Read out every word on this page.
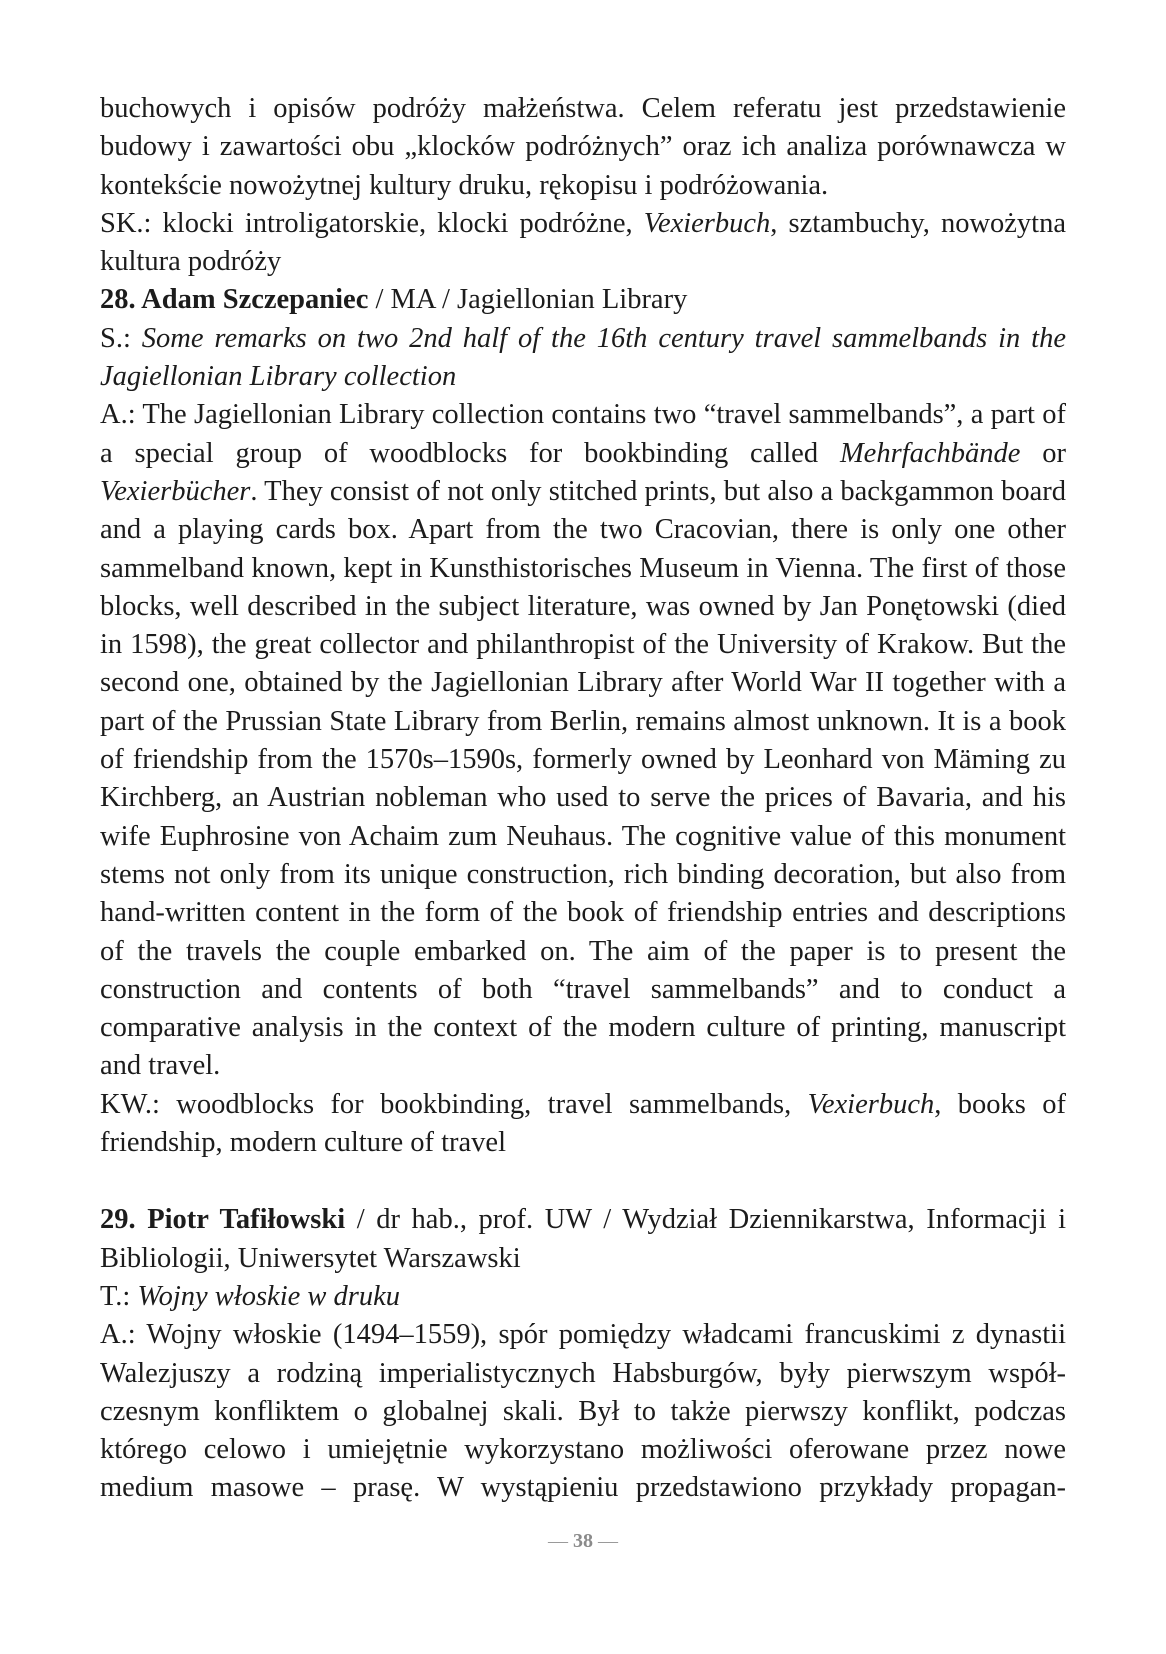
buchowych i opisów podróży małżeństwa. Celem referatu jest przedstawienie budowy i zawartości obu „klocków podróżnych” oraz ich analiza porównawcza w kontekście nowożytnej kultury druku, rękopisu i podróżowania.

SK.: klocki introligatorskie, klocki podróżne, Vexierbuch, sztambuchy, nowożytna kultura podróży

28. Adam Szczepaniec / MA / Jagiellonian Library

S.: Some remarks on two 2nd half of the 16th century travel sammelbands in the Jagiellonian Library collection

A.: The Jagiellonian Library collection contains two “travel sammelbands”, a part of a special group of woodblocks for bookbinding called Mehrfachbände or Vexierbücher. They consist of not only stitched prints, but also a backgammon board and a playing cards box. Apart from the two Cracovian, there is only one other sammelband known, kept in Kunsthistorisches Museum in Vienna. The first of those blocks, well described in the subject literature, was owned by Jan Ponętowski (died in 1598), the great collector and philanthropist of the University of Krakow. But the second one, obtained by the Jagiellonian Library after World War II together with a part of the Prussian State Library from Berlin, remains almost unknown. It is a book of friendship from the 1570s–1590s, formerly owned by Leonhard von Mäming zu Kirchberg, an Austrian nobleman who used to serve the prices of Bavaria, and his wife Euphrosine von Achaim zum Neuhaus. The cognitive value of this monument stems not only from its unique construction, rich binding decoration, but also from hand-written content in the form of the book of friendship entries and descriptions of the travels the couple embarked on. The aim of the paper is to present the construction and contents of both “travel sammelbands” and to conduct a comparative analysis in the context of the modern culture of printing, manuscript and travel.

KW.: woodblocks for bookbinding, travel sammelbands, Vexierbuch, books of friendship, modern culture of travel

29. Piotr Tafiłowski / dr hab., prof. UW / Wydział Dziennikarstwa, Informacji i Bibliologii, Uniwersytet Warszawski

T.: Wojny włoskie w druku

A.: Wojny włoskie (1494–1559), spór pomiędzy władcami francuskimi z dynastii Walezjuszy a rodziną imperialistycznych Habsburgów, były pierwszym współczesnym konfliktem o globalnej skali. Był to także pierwszy konflikt, podczas którego celowo i umiejętnie wykorzystano możliwości oferowane przez nowe medium masowe – prasę. W wystąpieniu przedstawiono przykłady propagan-

— 38 —
